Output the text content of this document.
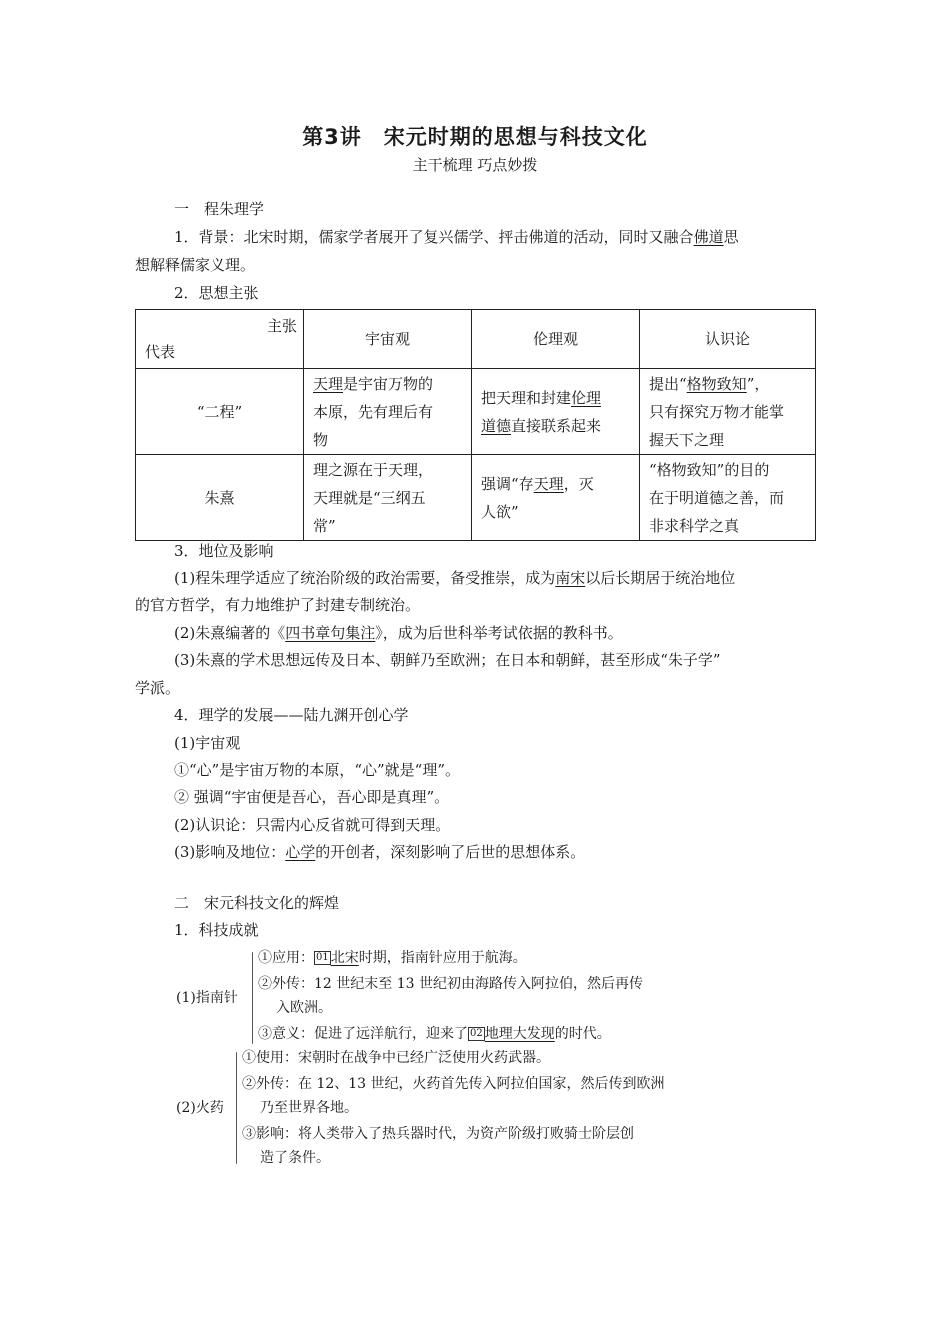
第3讲　宋元时期的思想与科技文化
主干梳理 巧点妙拨
一　程朱理学
1．背景：北宋时期，儒家学者展开了复兴儒学、抨击佛道的活动，同时又融合佛道思
想解释儒家义理。
2．思想主张
主张
代表	宇宙观	伦理观	认识论
“二程”	天理是宇宙万物的
本原，先有理后有
物	把天理和封建伦理
道德直接联系起来	提出“格物致知”，
只有探究万物才能掌
握天下之理
朱熹	理之源在于天理，
天理就是“三纲五
常”	强调“存天理，灭
人欲”	“格物致知”的目的
在于明道德之善，而
非求科学之真
3．地位及影响
(1)程朱理学适应了统治阶级的政治需要，备受推崇，成为南宋以后长期居于统治地位
的官方哲学，有力地维护了封建专制统治。
(2)朱熹编著的《四书章句集注》，成为后世科举考试依据的教科书。
(3)朱熹的学术思想远传及日本、朝鲜乃至欧洲；在日本和朝鲜，甚至形成“朱子学”
学派。
4．理学的发展——陆九渊开创心学
(1)宇宙观
①“心”是宇宙万物的本原，“心”就是“理”。
② 强调“宇宙便是吾心，吾心即是真理”。
(2)认识论：只需内心反省就可得到天理。
(3)影响及地位：心学的开创者，深刻影响了后世的思想体系。
二　宋元科技文化的辉煌
1．科技成就
(1)指南针
①应用： 01 北宋时期，指南针应用于航海。
②外传：12 世纪末至 13 世纪初由海路传入阿拉伯，然后再传
入欧洲。
③意义：促进了远洋航行，迎来了 02 地理大发现的时代。
(2)火药
①使用：宋朝时在战争中已经广泛使用火药武器。
②外传：在 12、13 世纪，火药首先传入阿拉伯国家，然后传到欧洲
乃至世界各地。
③影响：将人类带入了热兵器时代，为资产阶级打败骑士阶层创
造了条件。
